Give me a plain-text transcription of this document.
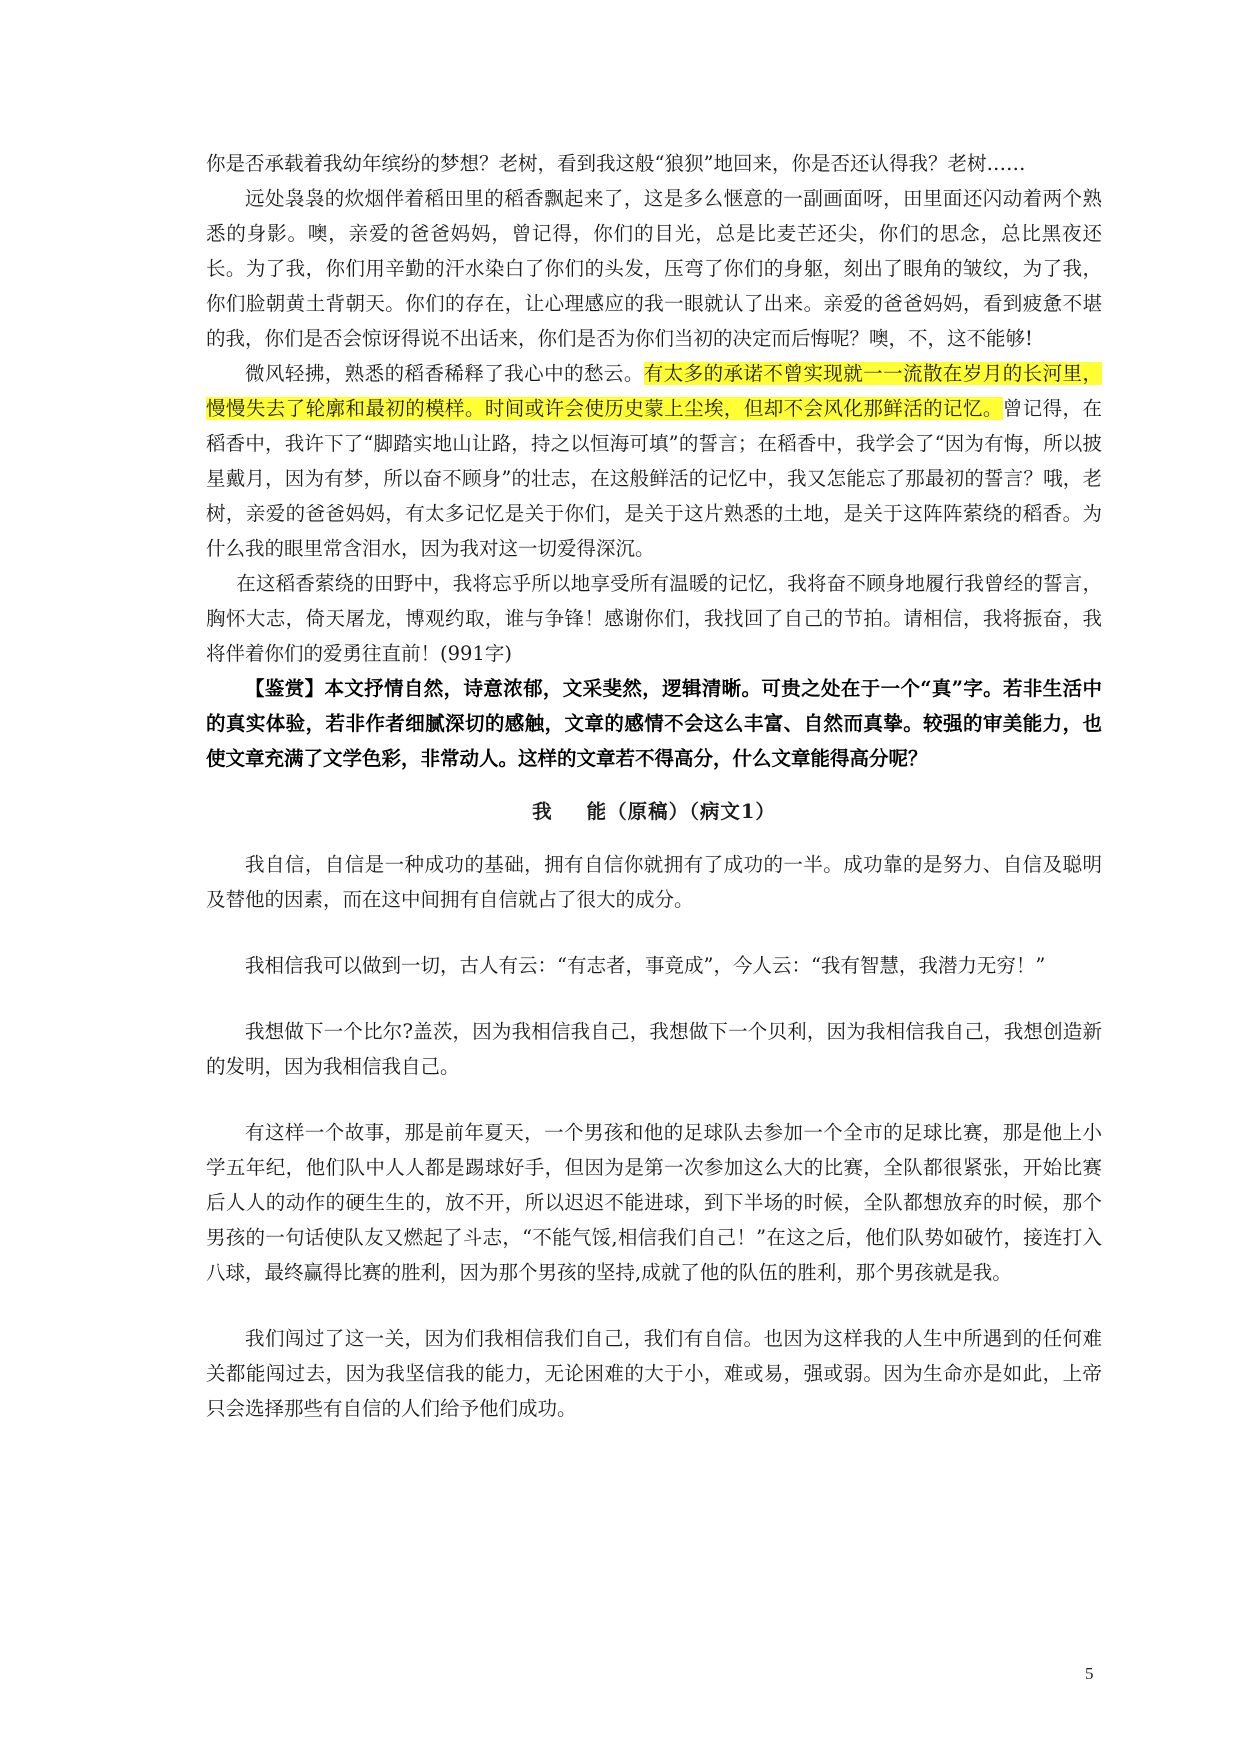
你是否承载着我幼年缤纷的梦想？老树，看到我这般“狼狈”地回来，你是否还认得我？老树……

远处袅袅的炊烟伴着稻田里的稻香飘起来了，这是多么惬意的一副画面呀，田里面还闪动着两个熟悉的身影。噢，亲爱的爸爸妈妈，曾记得，你们的目光，总是比麦芒还尖，你们的思念，总比黑夜还长。为了我，你们用辛勤的汗水染白了你们的头发，压弯了你们的身躯，刻出了眼角的皱纹，为了我，你们脸朝黄土背朝天。你们的存在，让心理感应的我一眼就认了出来。亲爱的爸爸妈妈，看到疲惫不堪的我，你们是否会惊讶得说不出话来，你们是否为你们当初的决定而后悔呢？噢，不，这不能够!

微风轻拂，熟悉的稻香稀释了我心中的愁云。有太多的承诺不曾实现就一一流散在岁月的长河里，慢慢失去了轮廓和最初的模样。时间或许会使历史蒙上尘埃，但却不会风化那鲜活的记忆。曾记得，在稻香中，我许下了“脚踏实地山让路，持之以恒海可填”的誓言；在稻香中，我学会了“因为有悔，所以披星戴月，因为有梦，所以奋不顾身”的壮志，在这般鲜活的记忆中，我又怎能忘了那最初的誓言？哦，老树，亲爱的爸爸妈妈，有太多记忆是关于你们，是关于这片熟悉的土地，是关于这阵阵萦绕的稻香。为什么我的眼里常含泪水，因为我对这一切爱得深沉。

在这稻香萦绕的田野中，我将忘乎所以地享受所有温暖的记忆，我将奋不顾身地履行我曾经的誓言，胸怀大志，倚天屠龙，博观约取，谁与争锋！感谢你们，我找回了自己的节拍。请相信，我将振奋，我将伴着你们的爱勇往直前！(991字)

【鉴赏】本文抒情自然，诗意浓郁，文采斐然，逻辑清晰。可贵之处在于一个“真”字。若非生活中的真实体验，若非作者细腻深切的感触，文章的感情不会这么丰富、自然而真挚。较强的审美能力，也使文章充满了文学色彩，非常动人。这样的文章若不得高分，什么文章能得高分呢？

我 能（原稿）（病文1）

我自信，自信是一种成功的基础，拥有自信你就拥有了成功的一半。成功靠的是努力、自信及聪明及替他的因素，而在这中间拥有自信就占了很大的成分。

我相信我可以做到一切，古人有云：“有志者，事竟成”，今人云：“我有智慧，我潜力无穷！”

我想做下一个比尔?盖茨，因为我相信我自己，我想做下一个贝利，因为我相信我自己，我想创造新的发明，因为我相信我自己。

有这样一个故事，那是前年夏天，一个男孩和他的足球队去参加一个全市的足球比赛，那是他上小学五年纪，他们队中人人都是踢球好手，但因为是第一次参加这么大的比赛，全队都很紧张，开始比赛后人人的动作的硬生生的，放不开，所以迟迟不能进球，到下半场的时候，全队都想放弃的时候，那个男孩的一句话使队友又燃起了斗志，“不能气馁,相信我们自己！”在这之后，他们队势如破竹，接连打入八球，最终赢得比赛的胜利，因为那个男孩的坚持,成就了他的队伍的胜利，那个男孩就是我。

我们闯过了这一关，因为们我相信我们自己，我们有自信。也因为这样我的人生中所遇到的任何难关都能闯过去，因为我坚信我的能力，无论困难的大于小，难或易，强或弱。因为生命亦是如此，上帝只会选择那些有自信的人们给予他们成功。

5
